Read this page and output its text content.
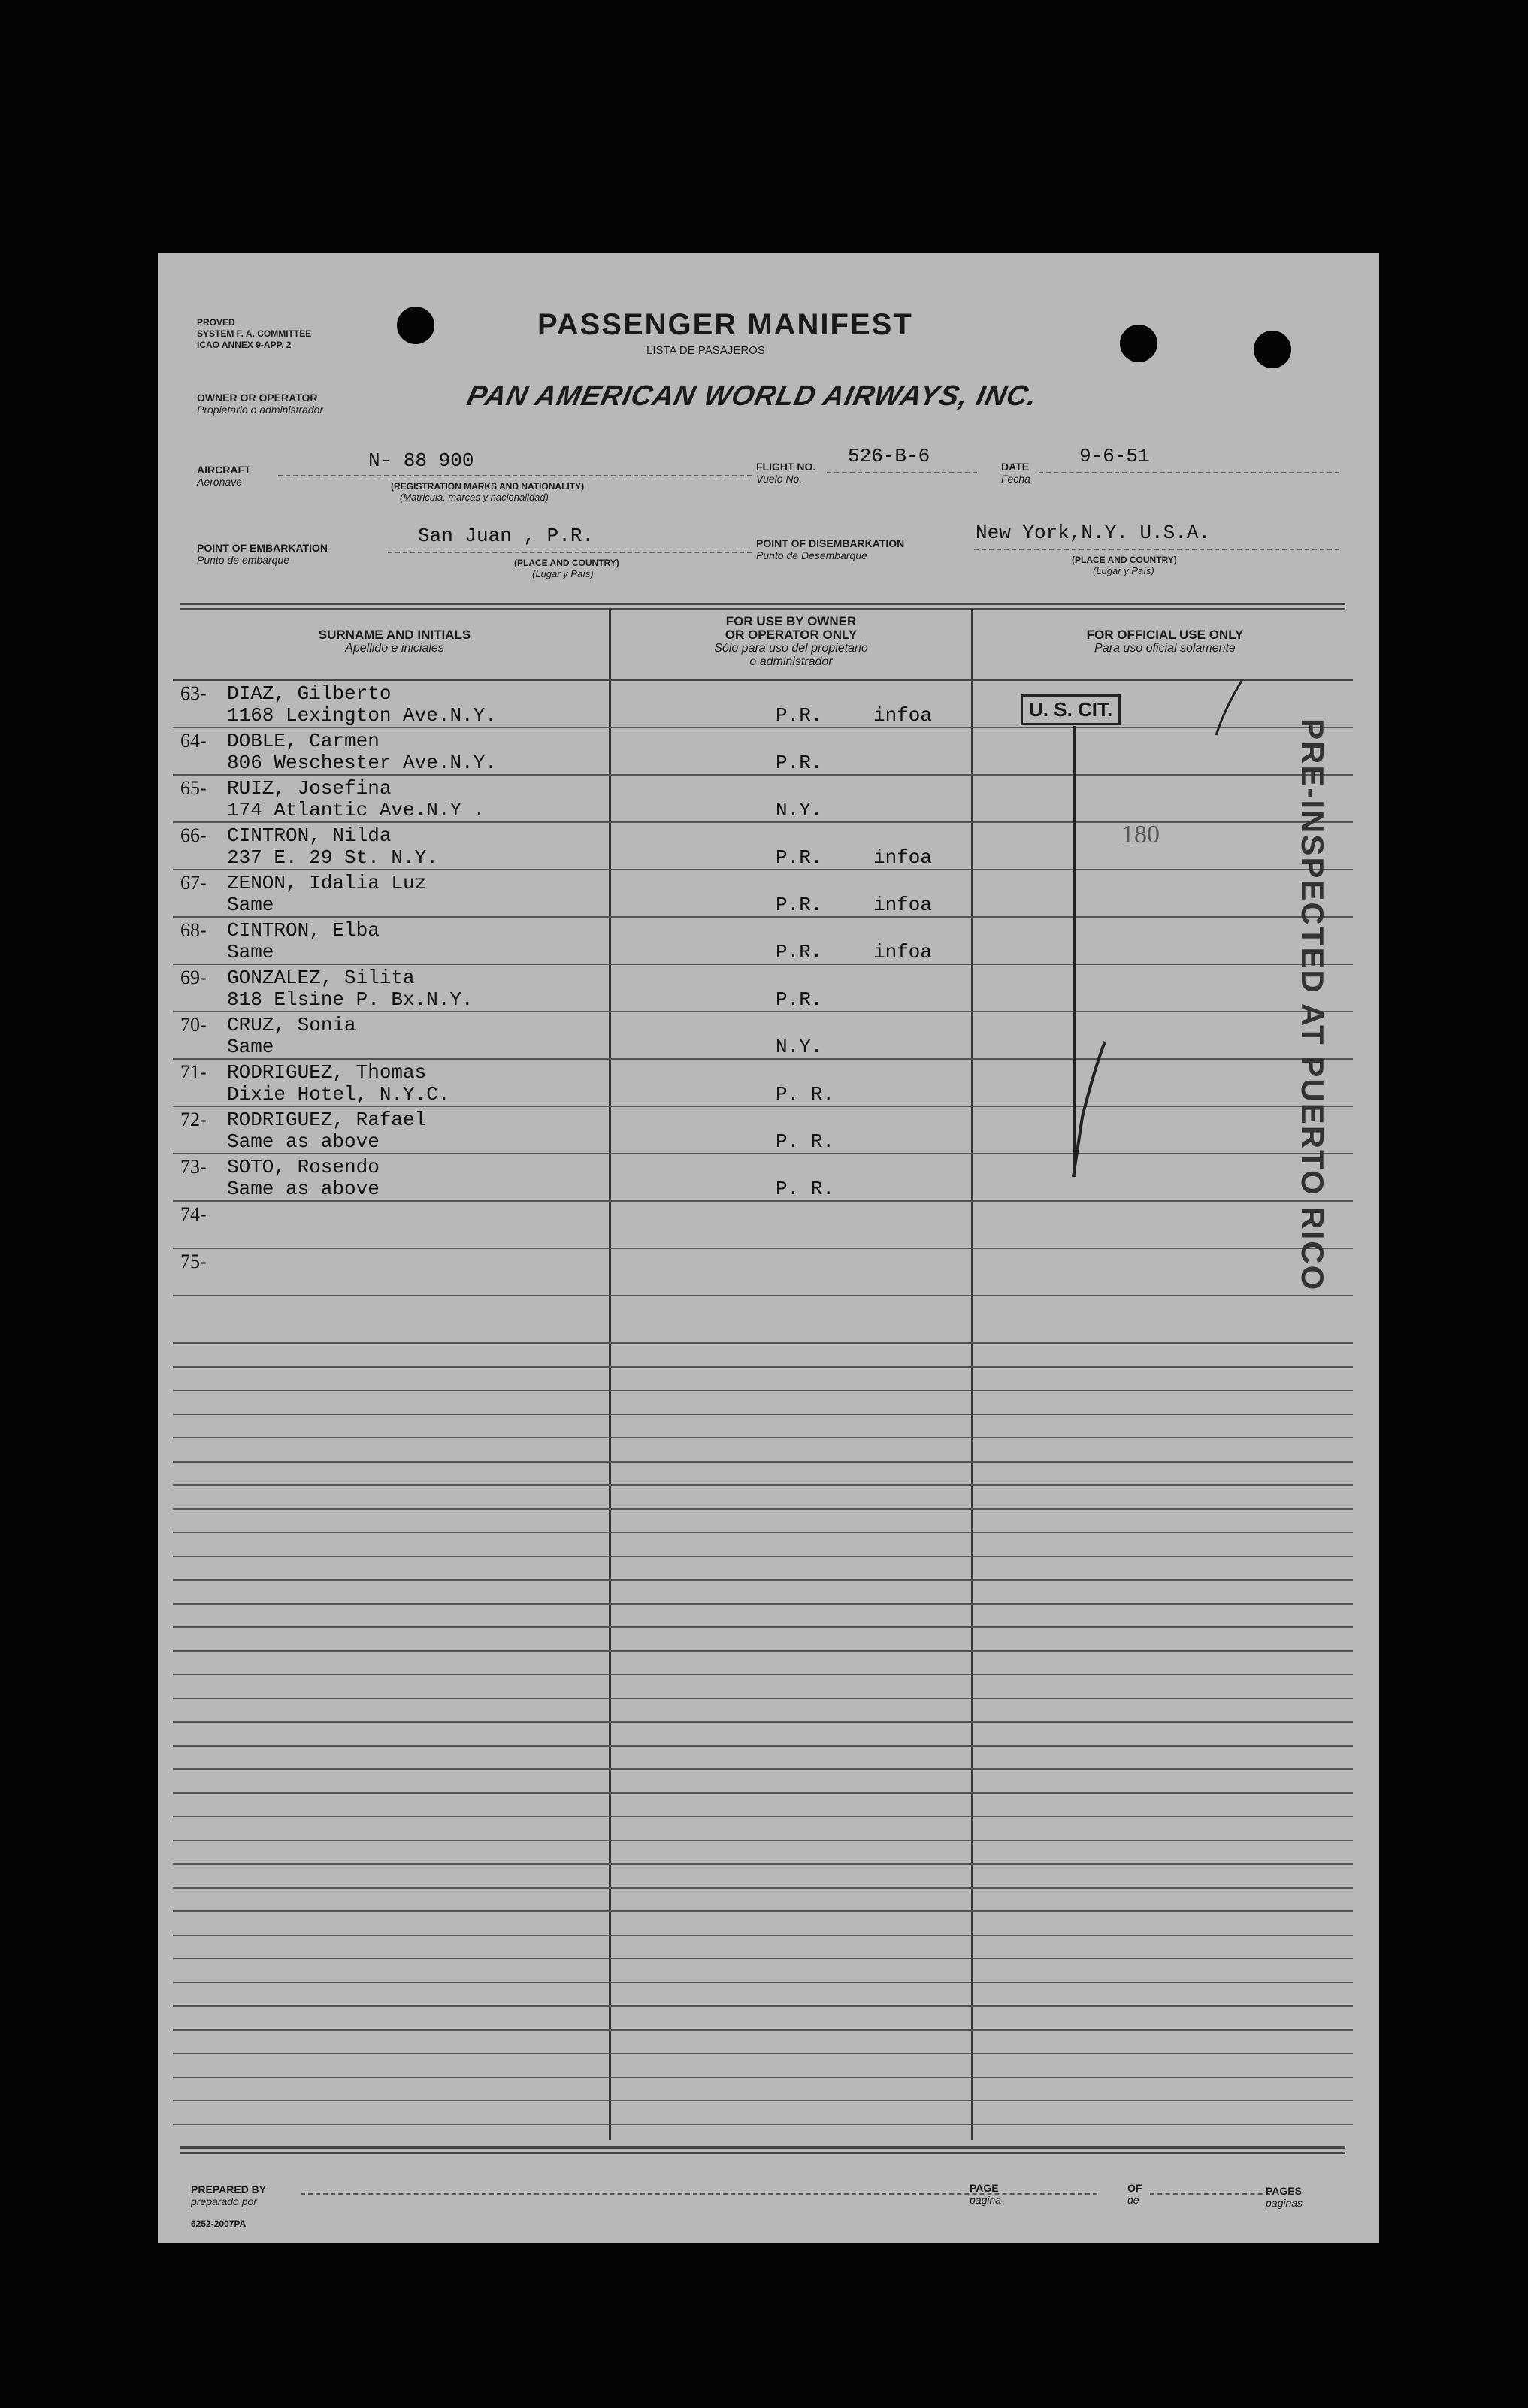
PROVED
SYSTEM F. A. COMMITTEE
ICAO ANNEX 9-APP. 2
PASSENGER MANIFEST
LISTA DE PASAJEROS
OWNER OR OPERATOR
Propietario o administrador	PAN AMERICAN WORLD AIRWAYS, INC.
AIRCRAFT
Aeronave
N- 88 900
(REGISTRATION MARKS AND NATIONALITY)
(Matricula, marcas y nacionalidad)
FLIGHT NO.
Vuelo No.
526-B-6	DATE
Fecha
9-6-51
POINT OF EMBARKATION
Punto de embarque
San Juan , P.R.
(PLACE AND COUNTRY)
(Lugar y País)
POINT OF DISEMBARKATION
Punto de Desembarque
New York,N.Y. U.S.A.
(PLACE AND COUNTRY)
(Lugar y País)
SURNAME AND INITIALS
Apellido e iniciales
FOR USE BY OWNER
OR OPERATOR ONLY
Sólo para uso del propietario
o administrador
FOR OFFICIAL USE ONLY
Para uso oficial solamente
63- DIAZ, Gilberto
1168 Lexington Ave.N.Y.	P.R.	infoa
64- DOBLE, Carmen
806 Weschester Ave.N.Y.	P.R.
65- RUIZ, Josefina
174 Atlantic Ave.N.Y .	N.Y.
66- CINTRON, Nilda
237 E. 29 St. N.Y.	P.R.	infoa
67- ZENON, Idalia Luz
Same	P.R.	infoa
68- CINTRON, Elba
Same	P.R.	infoa
69- GONZALEZ, Silita
818 Elsine P. Bx.N.Y.	P.R.
70- CRUZ, Sonia
Same	N.Y.
71- RODRIGUEZ, Thomas
Dixie Hotel, N.Y.C.	P. R.
72- RODRIGUEZ, Rafael
Same as above	P. R.
73- SOTO, Rosendo
Same as above	P. R.
74-
75-
U. S. CIT.
180	PRE-INSPECTED AT PUERTO RICO
PREPARED BY
preparado por
PAGE
pagina
OF
de
PAGES
paginas
6252-2007PA
